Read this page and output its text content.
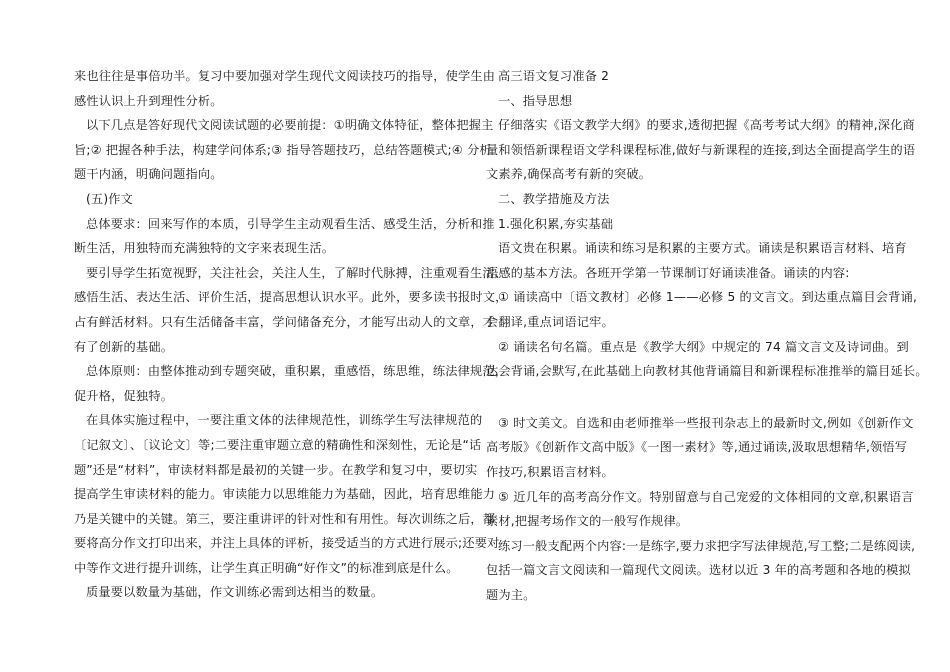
来也往往是事倍功半。复习中要加强对学生现代文阅读技巧的指导，使学生由
感性认识上升到理性分析。
以下几点是答好现代文阅读试题的必要前提：①明确文体特征，整体把握主
旨;② 把握各种手法，构建学问体系;③ 指导答题技巧，总结答题模式;④ 分析
题干内涵，明确问题指向。
(五)作文
总体要求：回来写作的本质，引导学生主动观看生活、感受生活，分析和推
断生活，用独特而充满独特的文字来表现生活。
要引导学生拓宽视野，关注社会，关注人生，了解时代脉搏，注重观看生活、
感悟生活、表达生活、评价生活，提高思想认识水平。此外，要多读书报时文，
占有鲜活材料。只有生活储备丰富，学问储备充分，才能写出动人的文章，才
有了创新的基础。
总体原则：由整体推动到专题突破，重积累，重感悟，练思维，练法律规范，
促升格，促独特。
在具体实施过程中，一要注重文体的法律规范性，训练学生写法律规范的
〔记叙文〕、〔议论文〕等;二要注重审题立意的精确性和深刻性，无论是“话
题”还是“材料”，审读材料都是最初的关键一步。在教学和复习中，要切实
提高学生审读材料的能力。审读能力以思维能力为基础，因此，培育思维能力
乃是关键中的关键。第三，要注重讲评的针对性和有用性。每次训练之后，都
要将高分作文打印出来，并注上具体的评析，接受适当的方式进行展示;还要对
中等作文进行提升训练，让学生真正明确“好作文”的标准到底是什么。
质量要以数量为基础，作文训练必需到达相当的数量。
高三语文复习准备 2
一、指导思想
仔细落实《语文教学大纲》的要求,透彻把握《高考考试大纲》的精神,深化商
量和领悟新课程语文学科课程标准,做好与新课程的连接,到达全面提高学生的语
文素养,确保高考有新的突破。
二、教学措施及方法
1.强化积累,夯实基础
语文贵在积累。诵读和练习是积累的主要方式。诵读是积累语言材料、培育
语感的基本方法。各班开学第一节课制订好诵读准备。诵读的内容:
① 诵读高中〔语文教材〕必修 1——必修 5 的文言文。到达重点篇目会背诵,
会翻译,重点词语记牢。
② 诵读名句名篇。重点是《教学大纲》中规定的 74 篇文言文及诗词曲。到
达会背诵,会默写,在此基础上向教材其他背诵篇目和新课程标准推举的篇目延长。
③ 时文美文。自选和由老师推举一些报刊杂志上的最新时文,例如《创新作文
高考版》《创新作文高中版》《一图一素材》等,通过诵读,汲取思想精华,领悟写
作技巧,积累语言材料。
⑤ 近几年的高考高分作文。特别留意与自己宠爱的文体相同的文章,积累语言
素材,把握考场作文的一般写作规律。
练习一般支配两个内容:一是练字,要力求把字写法律规范,写工整;二是练阅读,
包括一篇文言文阅读和一篇现代文阅读。选材以近 3 年的高考题和各地的模拟
题为主。
